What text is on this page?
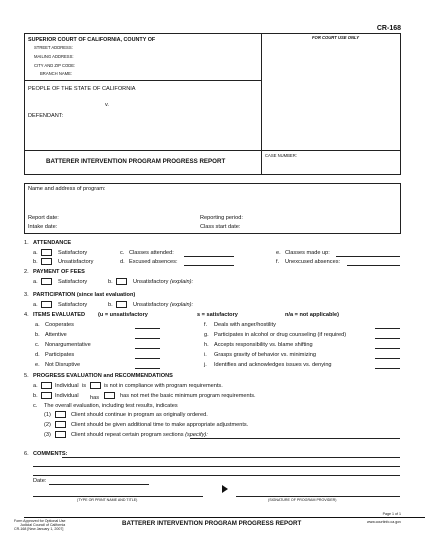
CR-168
SUPERIOR COURT OF CALIFORNIA, COUNTY OF
STREET ADDRESS:
MAILING ADDRESS:
CITY AND ZIP CODE:
BRANCH NAME:
FOR COURT USE ONLY
PEOPLE OF THE STATE OF CALIFORNIA
v.
DEFENDANT:
BATTERER INTERVENTION PROGRAM PROGRESS REPORT
CASE NUMBER:
Name and address of program:
Report date:	Reporting period:
Intake date:	Class start date:
1. ATTENDANCE
a.	Satisfactory	c. Classes attended:	e. Classes made up:
b.	Unsatisfactory	d. Excused absences:	f. Unexcused absences:
2. PAYMENT OF FEES
a.	Satisfactory	b.	Unsatisfactory (explain):
3. PARTICIPATION (since last evaluation)
a.	Satisfactory	b.	Unsatisfactory (explain):
4. ITEMS EVALUATED (u = unsatisfactory	s = satisfactory	n/a = not applicable)
a. Cooperates
b. Attentive
c. Nonargumentative
d. Participates
e. Not Disruptive
f. Deals with anger/hostility
g. Participates in alcohol or drug counseling (if required)
h. Accepts responsibility vs. blame shifting
i. Grasps gravity of behavior vs. minimizing
j. Identifies and acknowledges issues vs. denying
5. PROGRESS EVALUATION and RECOMMENDATIONS
a.	Individual is	is not in compliance with program requirements.
b.	Individual has	has not met the basic minimum program requirements.
c. The overall evaluation, including test results, indicates
(1)	Client should continue in program as originally ordered.
(2)	Client should be given additional time to make appropriate adjustments.
(3)	Client should repeat certain program sections (specify):
6. COMMENTS:
Date:
(TYPE OR PRINT NAME AND TITLE)	(SIGNATURE OF PROGRAM PROVIDER)
Page 1 of 1
Form Approved for Optional Use
Judicial Council of California
CR-168 [New January 1, 2007]
BATTERER INTERVENTION PROGRAM PROGRESS REPORT	www.courtinfo.ca.gov
